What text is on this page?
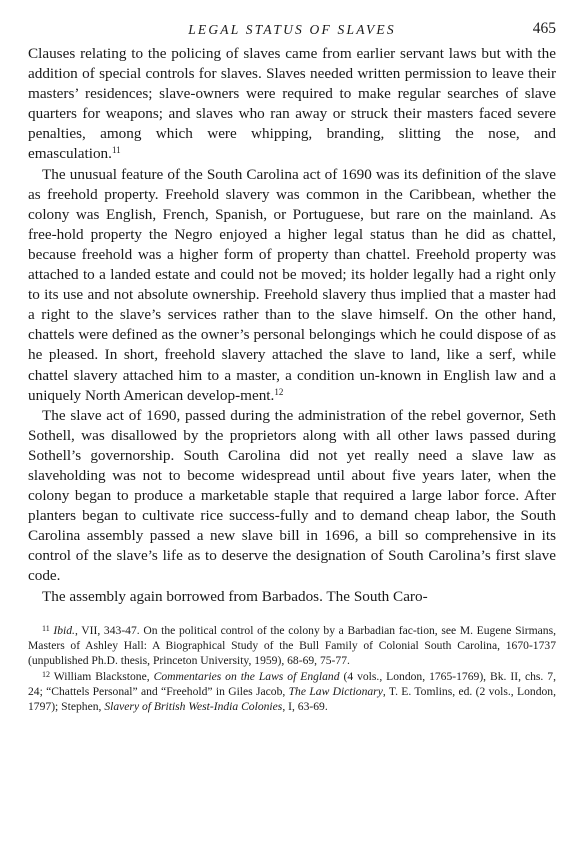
LEGAL STATUS OF SLAVES	465

Clauses relating to the policing of slaves came from earlier servant laws but with the addition of special controls for slaves. Slaves needed written permission to leave their masters’ residences; slave-owners were required to make regular searches of slave quarters for weapons; and slaves who ran away or struck their masters faced severe penalties, among which were whipping, branding, slitting the nose, and emasculation.$^{11}$

The unusual feature of the South Carolina act of 1690 was its definition of the slave as freehold property. Freehold slavery was common in the Caribbean, whether the colony was English, French, Spanish, or Portuguese, but rare on the mainland. As free-hold property the Negro enjoyed a higher legal status than he did as chattel, because freehold was a higher form of property than chattel. Freehold property was attached to a landed estate and could not be moved; its holder legally had a right only to its use and not absolute ownership. Freehold slavery thus implied that a master had a right to the slave’s services rather than to the slave himself. On the other hand, chattels were defined as the owner’s personal belongings which he could dispose of as he pleased. In short, freehold slavery attached the slave to land, like a serf, while chattel slavery attached him to a master, a condition un-known in English law and a uniquely North American develop-ment.$^{12}$

The slave act of 1690, passed during the administration of the rebel governor, Seth Sothell, was disallowed by the proprietors along with all other laws passed during Sothell’s governorship. South Carolina did not yet really need a slave law as slaveholding was not to become widespread until about five years later, when the colony began to produce a marketable staple that required a large labor force. After planters began to cultivate rice success-fully and to demand cheap labor, the South Carolina assembly passed a new slave bill in 1696, a bill so comprehensive in its control of the slave’s life as to deserve the designation of South Carolina’s first slave code.

The assembly again borrowed from Barbados. The South Caro-

$^{11}$ Ibid., VII, 343-47. On the political control of the colony by a Barbadian fac-tion, see M. Eugene Sirmans, Masters of Ashley Hall: A Biographical Study of the Bull Family of Colonial South Carolina, 1670-1737 (unpublished Ph.D. thesis, Princeton University, 1959), 68-69, 75-77.

$^{12}$ William Blackstone, Commentaries on the Laws of England (4 vols., London, 1765-1769), Bk. II, chs. 7, 24; “Chattels Personal” and “Freehold” in Giles Jacob, The Law Dictionary, T. E. Tomlins, ed. (2 vols., London, 1797); Stephen, Slavery of British West-India Colonies, I, 63-69.
